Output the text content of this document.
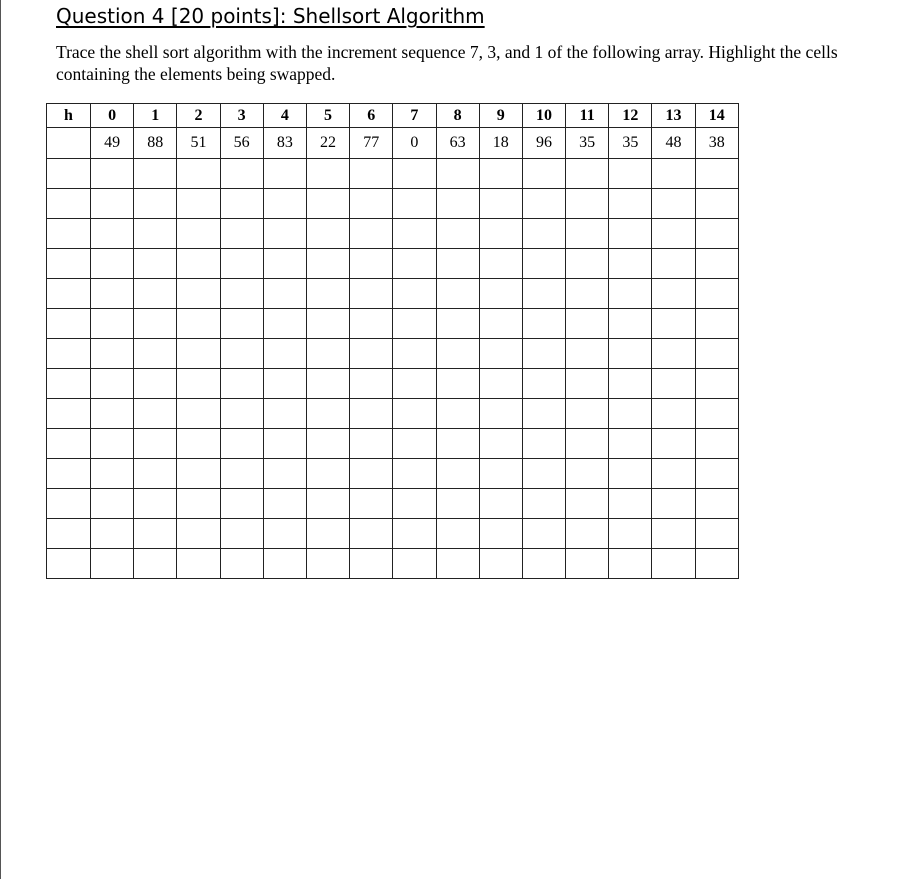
Question 4 [20 points]: Shellsort Algorithm
Trace the shell sort algorithm with the increment sequence 7, 3, and 1 of the following array. Highlight the cells containing the elements being swapped.
h	0	1	2	3	4	5	6	7	8	9	10	11	12	13	14
	49	88	51	56	83	22	77	0	63	18	96	35	35	48	38
